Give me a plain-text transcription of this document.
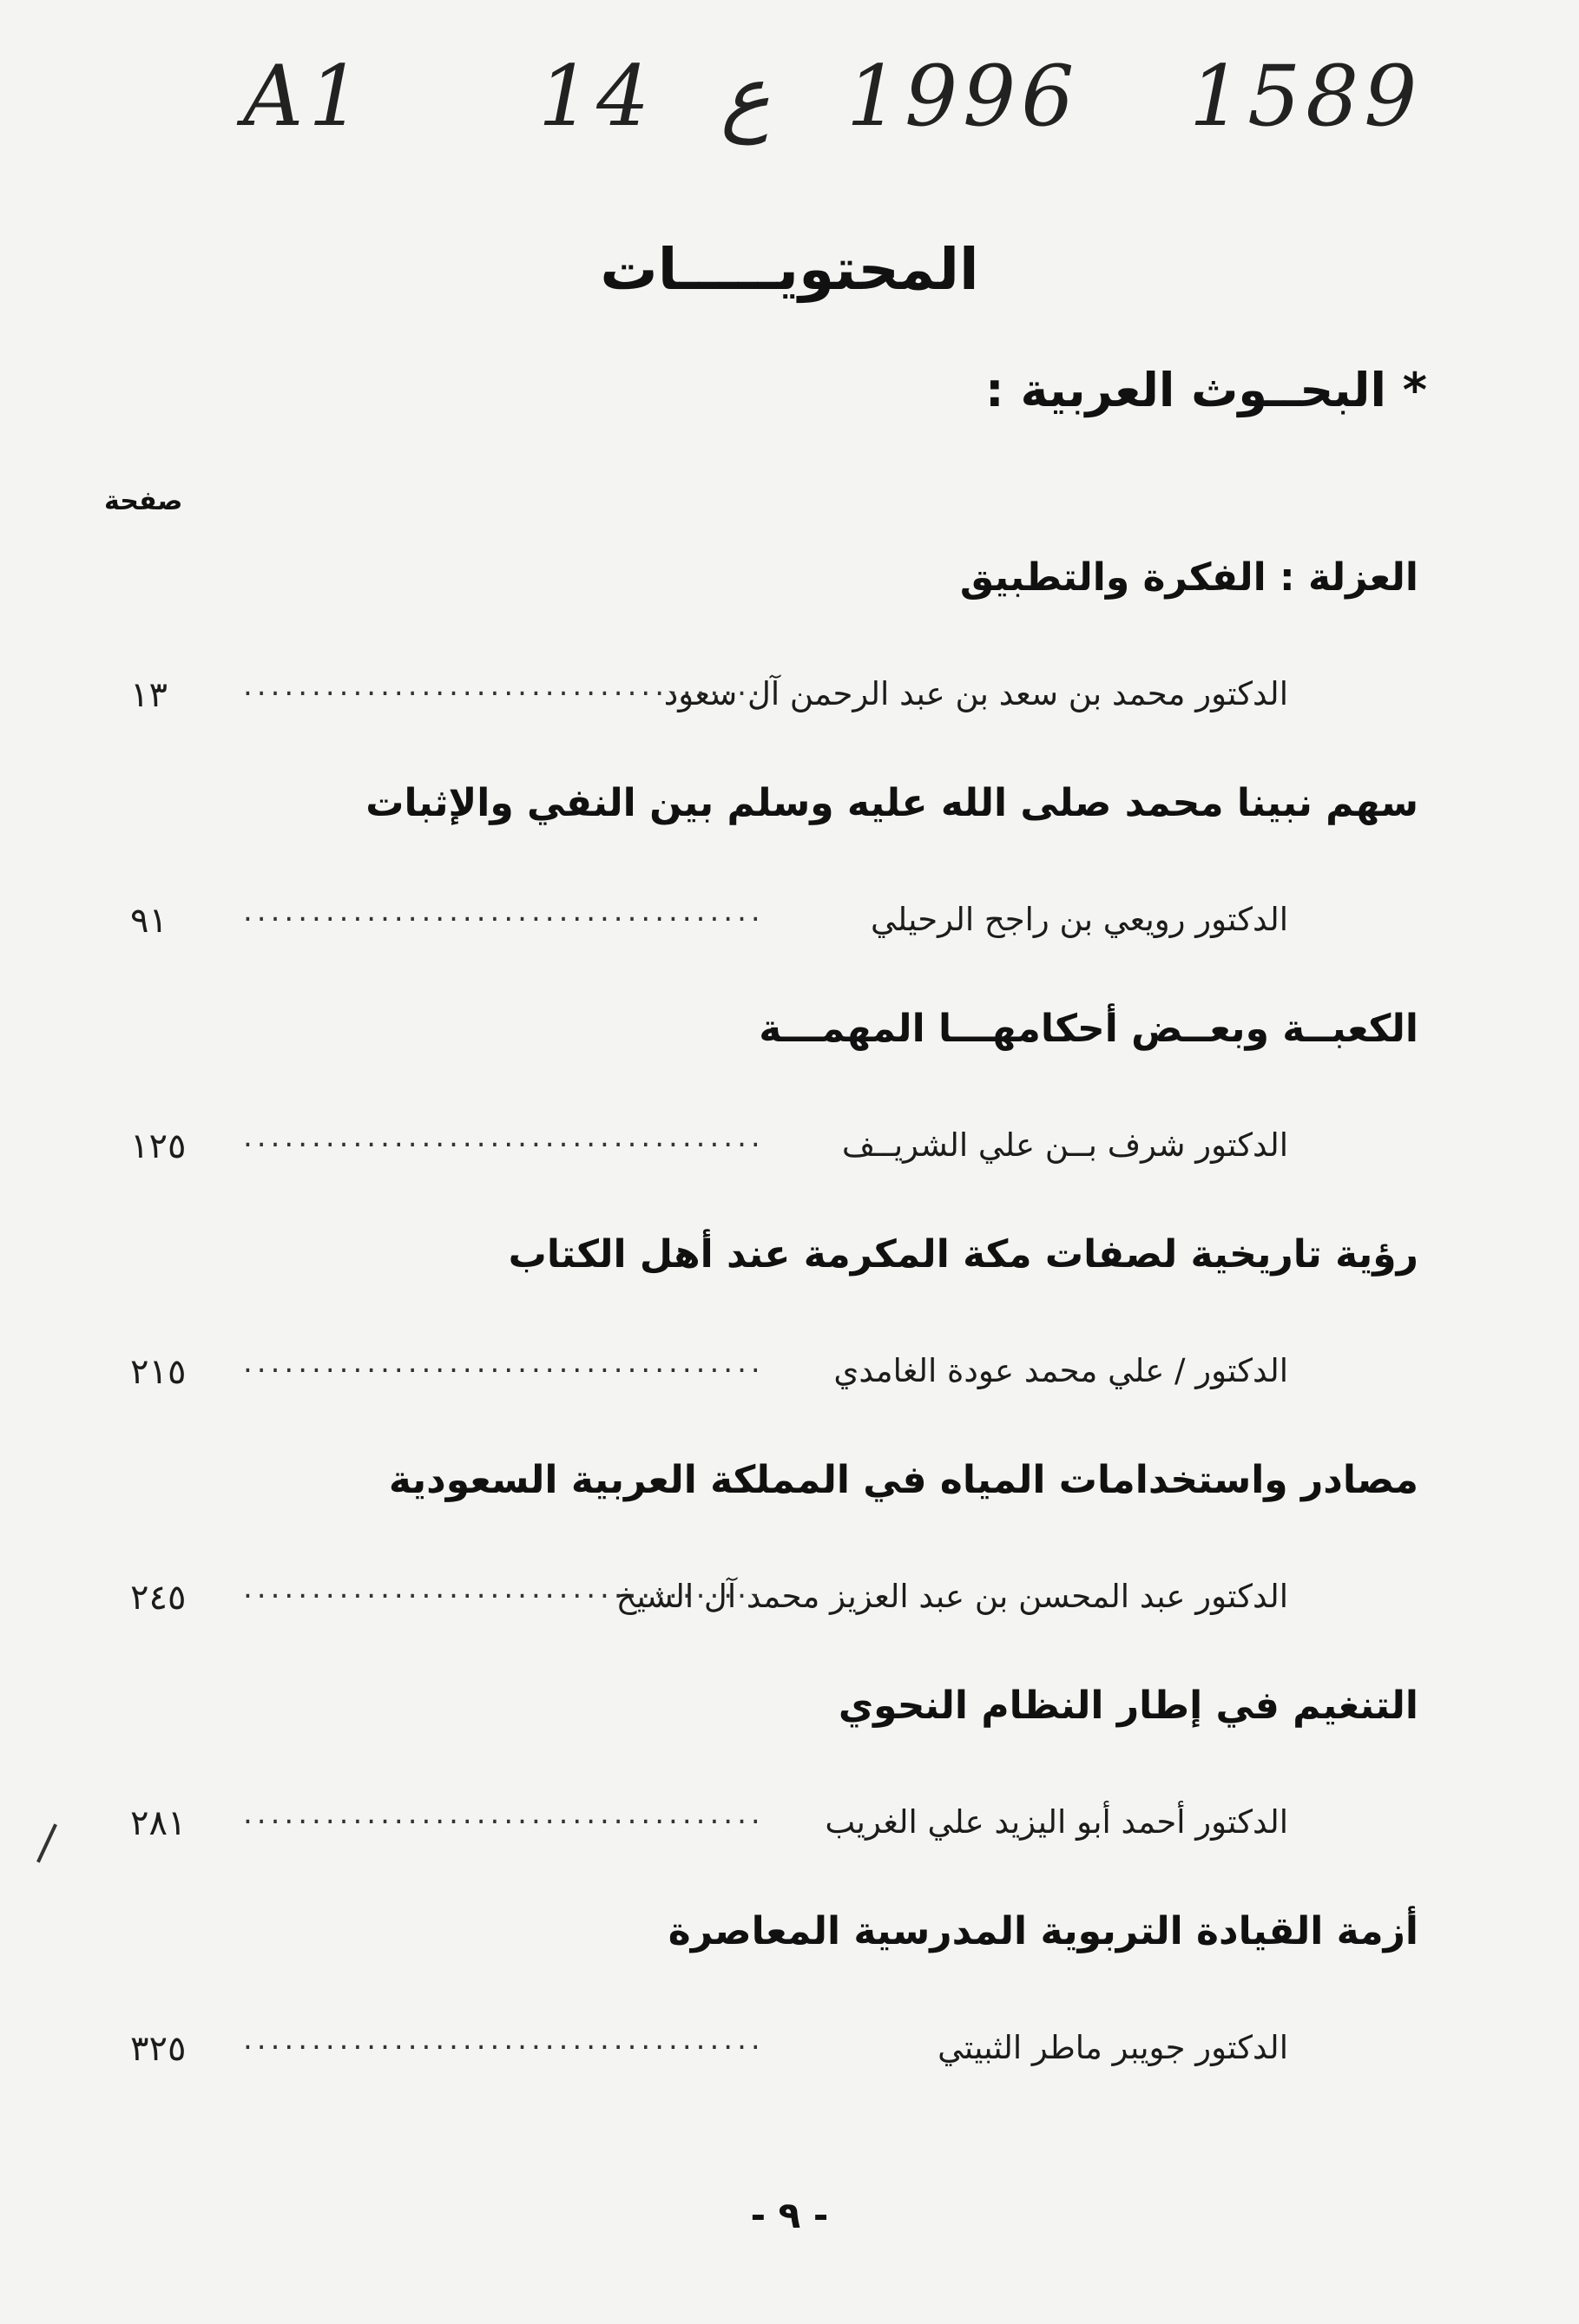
A1 14 ع 1996 1589
المحتويـــــات
* البحــوث العربية :
صفحة
العزلة : الفكرة والتطبيق
الدكتور محمد بن سعد بن عبد الرحمن آل سعود
......................................
١٣
سهم نبينا محمد صلى الله عليه وسلم بين النفي والإثبات
الدكتور رويعي بن راجح الرحيلي
......................................
٩١
الكعبــة وبعــض أحكامهـــا المهمـــة
الدكتور شرف بــن علي الشريــف
......................................
١٢٥
رؤية تاريخية لصفات مكة المكرمة عند أهل الكتاب
الدكتور / علي محمد عودة الغامدي
......................................
٢١٥
مصادر واستخدامات المياه في المملكة العربية السعودية
الدكتور عبد المحسن بن عبد العزيز محمد آل الشيخ
......................................
٢٤٥
التنغيم في إطار النظام النحوي
الدكتور أحمد أبو اليزيد علي الغريب
......................................
٢٨١
أزمة القيادة التربوية المدرسية المعاصرة
الدكتور جويبر ماطر الثبيتي
......................................
٣٢٥
- ٩ -
